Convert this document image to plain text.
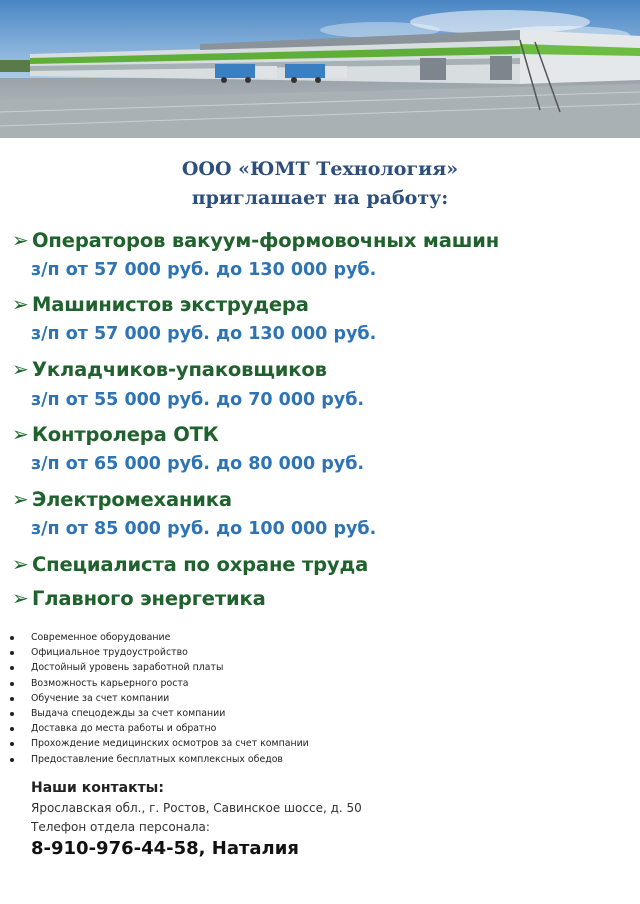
ООО «ЮМТ Технология»
приглашает на работу:
➢ Операторов вакуум-формовочных машин
з/п от 57 000 руб. до 130 000 руб.
➢ Машинистов экструдера
з/п от 57 000 руб. до 130 000 руб.
➢ Укладчиков-упаковщиков
з/п от 55 000 руб. до 70 000 руб.
➢ Контролера ОТК
з/п от 65 000 руб. до 80 000 руб.
➢ Электромеханика
з/п от 85 000 руб. до 100 000 руб.
➢ Специалиста по охране труда
➢ Главного энергетика
Современное оборудование
Официальное трудоустройство
Достойный уровень заработной платы
Возможность карьерного роста
Обучение за счет компании
Выдача спецодежды за счет компании
Доставка до места работы и обратно
Прохождение медицинских осмотров за счет компании
Предоставление бесплатных комплексных обедов
Наши контакты:
Ярославская обл., г. Ростов, Савинское шоссе, д. 50
Телефон отдела персонала:
8-910-976-44-58, Наталия
